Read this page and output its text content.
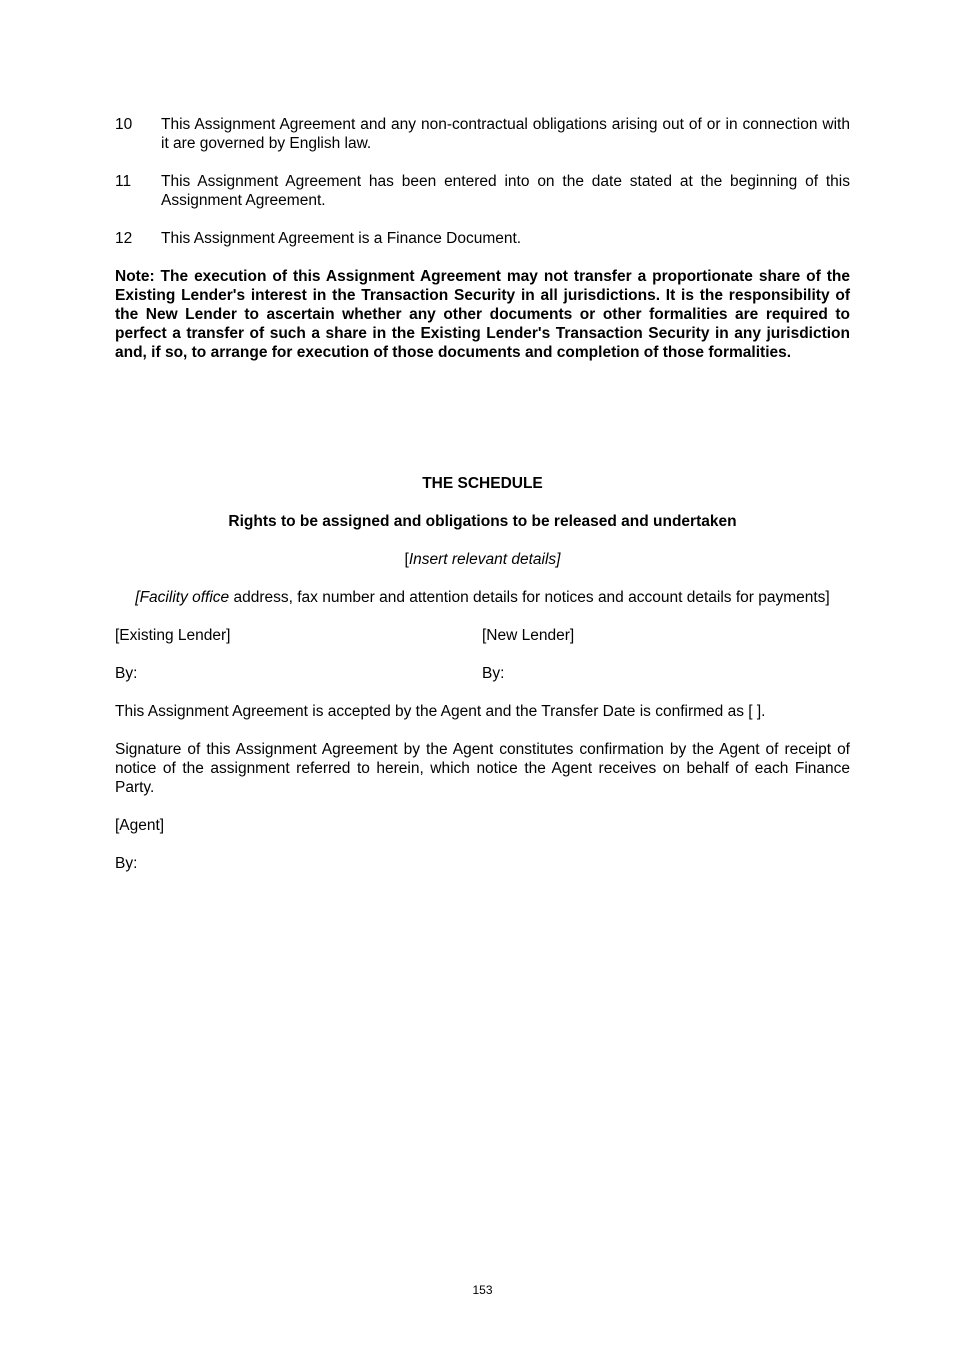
10	This Assignment Agreement and any non-contractual obligations arising out of or in connection with it are governed by English law.
11	This Assignment Agreement has been entered into on the date stated at the beginning of this Assignment Agreement.
12	This Assignment Agreement is a Finance Document.
Note: The execution of this Assignment Agreement may not transfer a proportionate share of the Existing Lender's interest in the Transaction Security in all jurisdictions. It is the responsibility of the New Lender to ascertain whether any other documents or other formalities are required to perfect a transfer of such a share in the Existing Lender's Transaction Security in any jurisdiction and, if so, to arrange for execution of those documents and completion of those formalities.
THE SCHEDULE
Rights to be assigned and obligations to be released and undertaken
[Insert relevant details]
[Facility office address, fax number and attention details for notices and account details for payments]
[Existing Lender]	[New Lender]
By:	By:
This Assignment Agreement is accepted by the Agent and the Transfer Date is confirmed as [ ].
Signature of this Assignment Agreement by the Agent constitutes confirmation by the Agent of receipt of notice of the assignment referred to herein, which notice the Agent receives on behalf of each Finance Party.
[Agent]
By:
153
